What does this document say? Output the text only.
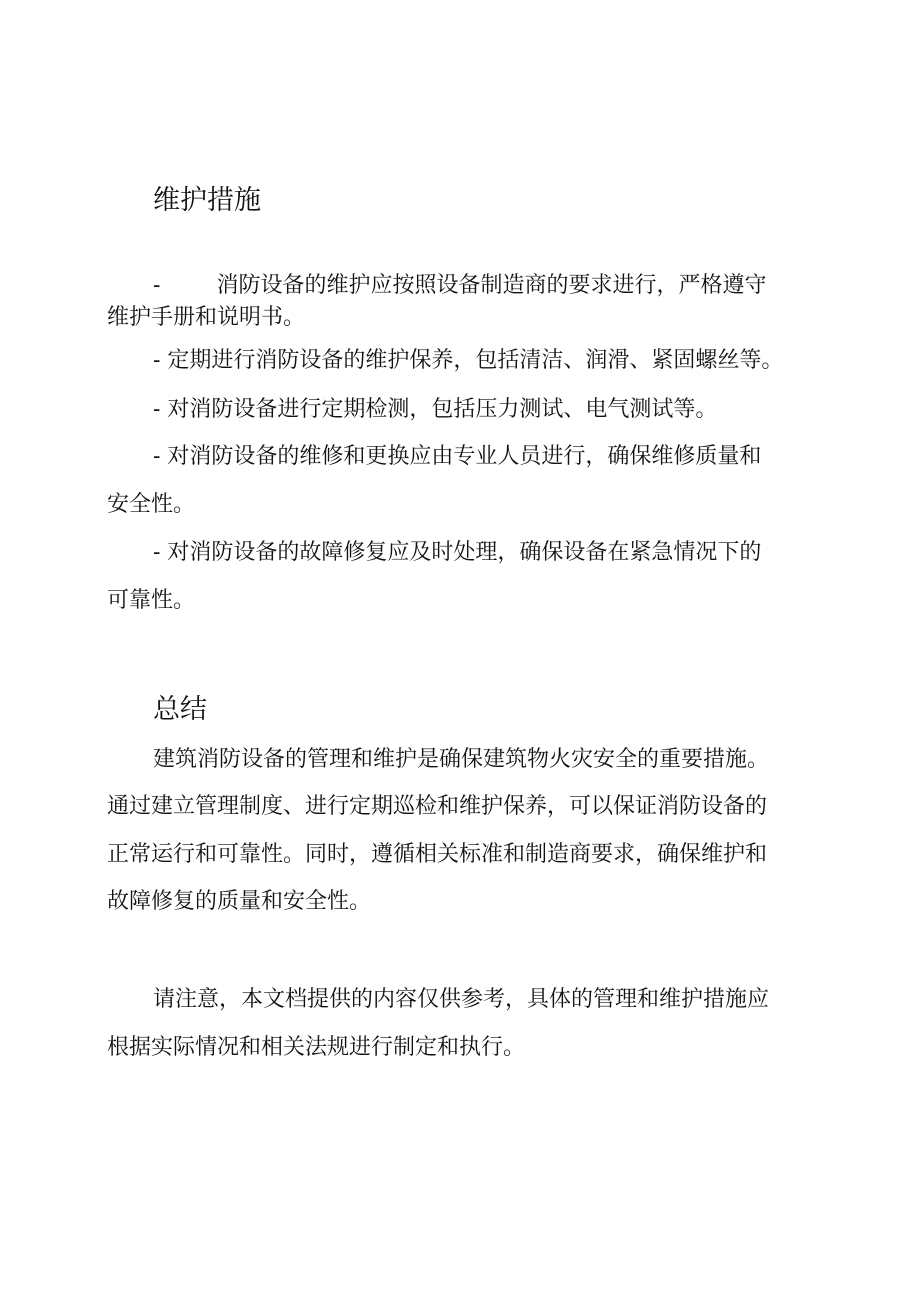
维护措施

-	消防设备的维护应按照设备制造商的要求进行，严格遵守

维护手册和说明书。

- 定期进行消防设备的维护保养，包括清洁、润滑、紧固螺丝等。

- 对消防设备进行定期检测，包括压力测试、电气测试等。

- 对消防设备的维修和更换应由专业人员进行，确保维修质量和

安全性。

- 对消防设备的故障修复应及时处理，确保设备在紧急情况下的

可靠性。

总结

建筑消防设备的管理和维护是确保建筑物火灾安全的重要措施。

通过建立管理制度、进行定期巡检和维护保养，可以保证消防设备的

正常运行和可靠性。同时，遵循相关标准和制造商要求，确保维护和

故障修复的质量和安全性。

请注意，本文档提供的内容仅供参考，具体的管理和维护措施应

根据实际情况和相关法规进行制定和执行。
